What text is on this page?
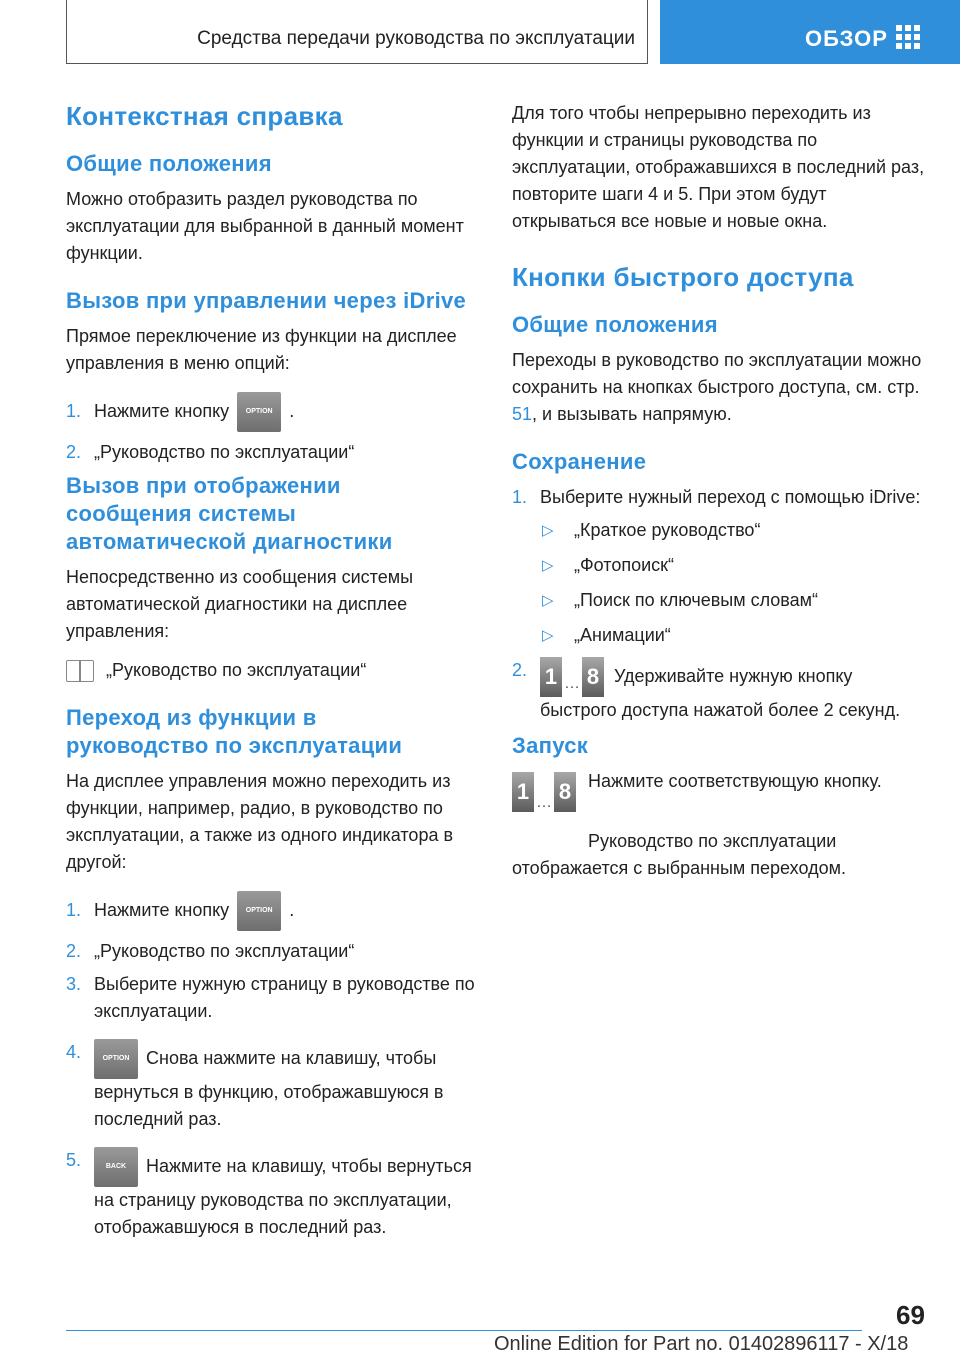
Средства передачи руководства по эксплуатации	ОБЗОР
Контекстная справка
Общие положения

Можно отобразить раздел руководства по эксплуатации для выбранной в данный момент функции.

Вызов при управлении через iDrive

Прямое переключение из функции на дисплее управления в меню опций:

1. Нажмите кнопку OPTION .
2. „Руководство по эксплуатации“
Вызов при отображении
сообщения системы
автоматической диагностики

Непосредственно из сообщения системы автоматической диагностики на дисплее управления:

„Руководство по эксплуатации“

Переход из функции в
руководство по эксплуатации

На дисплее управления можно переходить из функции, например, радио, в руководство по эксплуатации, а также из одного индикатора в другой:

1. Нажмите кнопку OPTION .
2. „Руководство по эксплуатации“
3. Выберите нужную страницу в руководстве по эксплуатации.
4.	OPTION Снова нажмите на клавишу, чтобы вернуться в функцию, отображавшуюся в последний раз.
5.	BACK Нажмите на клавишу, чтобы вернуться на страницу руководства по эксплуатации, отображавшуюся в последний раз.

Для того чтобы непрерывно переходить из функции и страницы руководства по эксплуатации, отображавшихся в последний раз, повторите шаги 4 и 5. При этом будут открываться все новые и новые окна.

Кнопки быстрого доступа
Общие положения

Переходы в руководство по эксплуатации можно сохранить на кнопках быстрого доступа, см. стр. 51, и вызывать напрямую.

Сохранение
1. Выберите нужный переход с помощью iDrive:
▷ „Краткое руководство“
▷ „Фотопоиск“
▷ „Поиск по ключевым словам“
▷ „Анимации“
2. 1 … 8 Удерживайте нужную кнопку быстрого доступа нажатой более 2 секунд.
Запуск
1 … 8 Нажмите соответствующую кнопку.

Руководство по эксплуатации отображается с выбранным переходом.

69
Online Edition for Part no. 01402896117 - X/18
